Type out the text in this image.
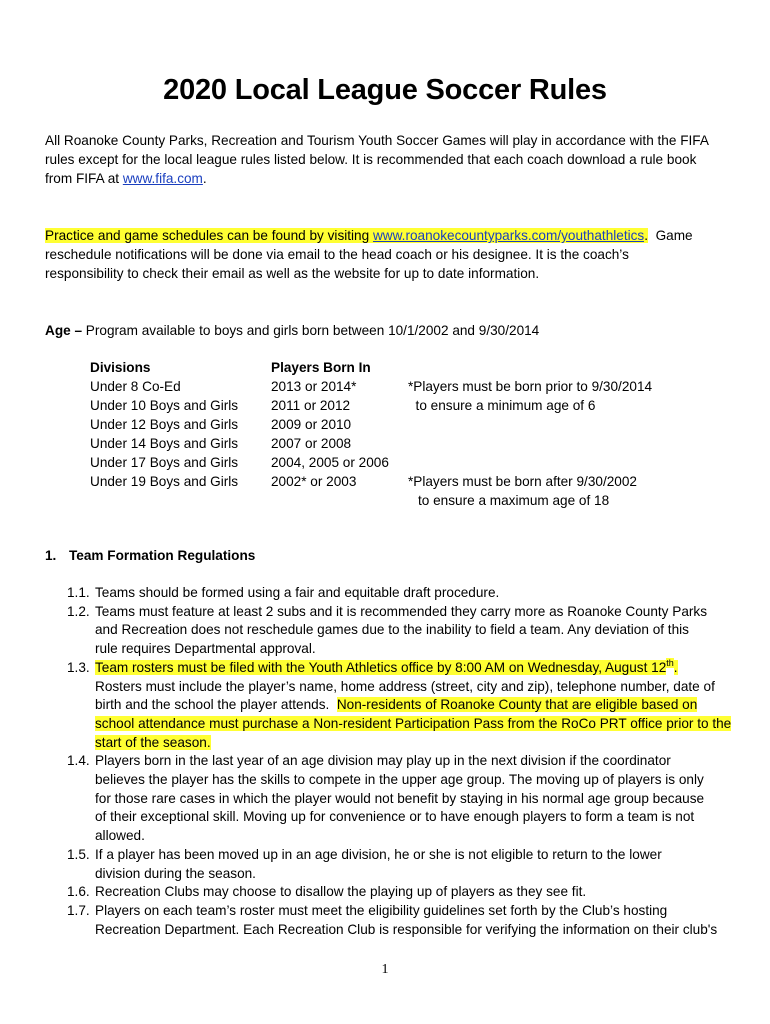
2020 Local League Soccer Rules
All Roanoke County Parks, Recreation and Tourism Youth Soccer Games will play in accordance with the FIFA
rules except for the local league rules listed below. It is recommended that each coach download a rule book
from FIFA at www.fifa.com.
Practice and game schedules can be found by visiting www.roanokecountyparks.com/youthathletics.  Game
reschedule notifications will be done via email to the head coach or his designee. It is the coach’s
responsibility to check their email as well as the website for up to date information.
Age – Program available to boys and girls born between 10/1/2002 and 9/30/2014
Divisions	Players Born In
Under 8 Co-Ed	2013 or 2014*	*Players must be born prior to 9/30/2014
Under 10 Boys and Girls	2011 or 2012	to ensure a minimum age of 6
Under 12 Boys and Girls	2009 or 2010
Under 14 Boys and Girls	2007 or 2008
Under 17 Boys and Girls	2004, 2005 or 2006
Under 19 Boys and Girls	2002* or 2003	*Players must be born after 9/30/2002
to ensure a maximum age of 18
1. Team Formation Regulations
1.1. Teams should be formed using a fair and equitable draft procedure.
1.2. Teams must feature at least 2 subs and it is recommended they carry more as Roanoke County Parks
and Recreation does not reschedule games due to the inability to field a team. Any deviation of this
rule requires Departmental approval.
1.3. Team rosters must be filed with the Youth Athletics office by 8:00 AM on Wednesday, August 12th.
Rosters must include the player’s name, home address (street, city and zip), telephone number, date of
birth and the school the player attends.  Non-residents of Roanoke County that are eligible based on
school attendance must purchase a Non-resident Participation Pass from the RoCo PRT office prior to the
start of the season.
1.4. Players born in the last year of an age division may play up in the next division if the coordinator
believes the player has the skills to compete in the upper age group. The moving up of players is only
for those rare cases in which the player would not benefit by staying in his normal age group because
of their exceptional skill. Moving up for convenience or to have enough players to form a team is not
allowed.
1.5. If a player has been moved up in an age division, he or she is not eligible to return to the lower
division during the season.
1.6. Recreation Clubs may choose to disallow the playing up of players as they see fit.
1.7. Players on each team’s roster must meet the eligibility guidelines set forth by the Club’s hosting
Recreation Department. Each Recreation Club is responsible for verifying the information on their club's
1
